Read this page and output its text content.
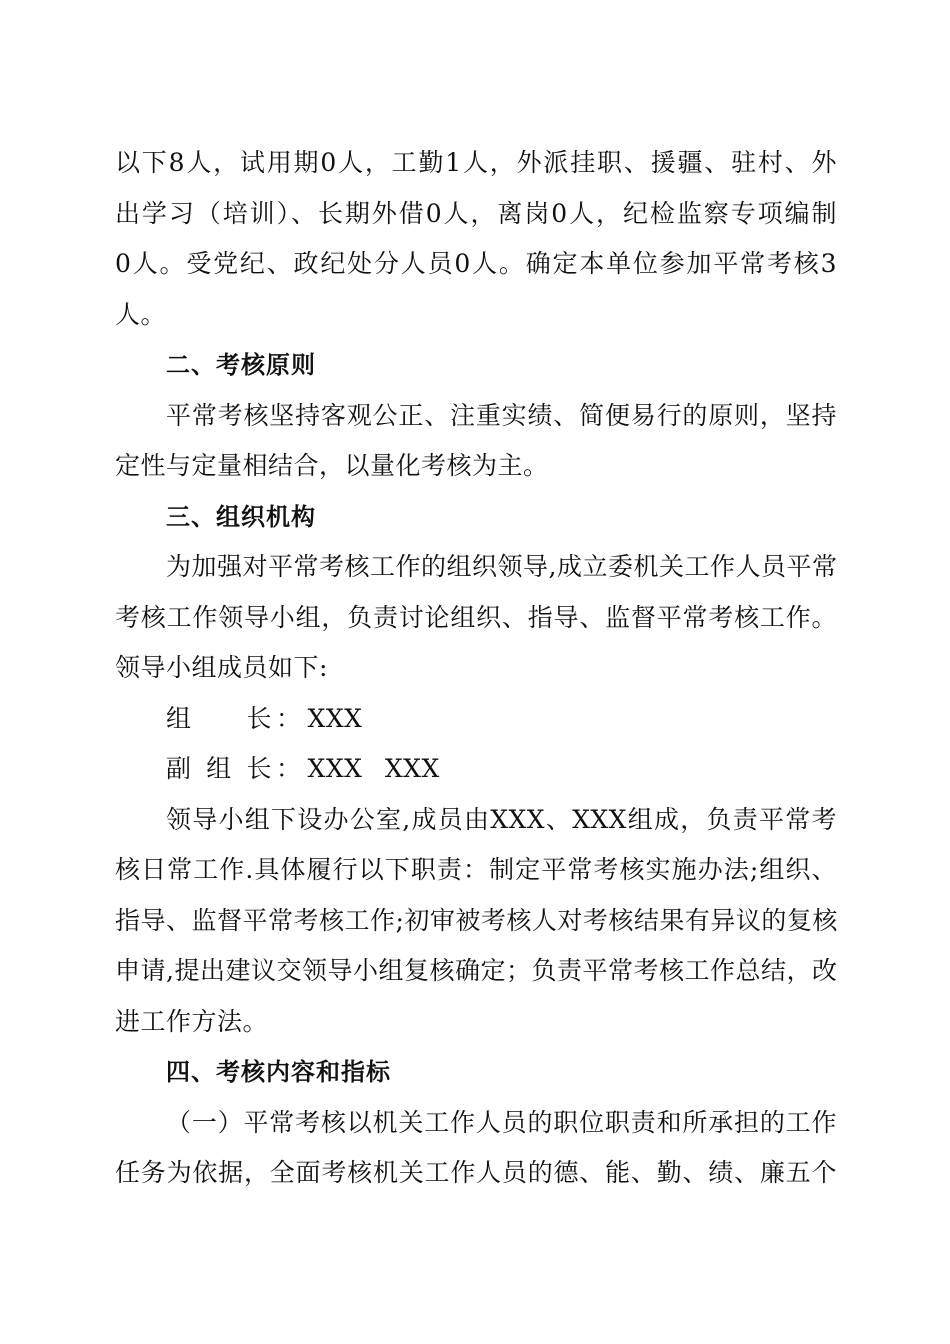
以下8人，试用期0人，工勤1人，外派挂职、援疆、驻村、外
出学习（培训）、长期外借0人，离岗0人，纪检监察专项编制
0人。受党纪、政纪处分人员0人。确定本单位参加平常考核3
人。
二、考核原则
平常考核坚持客观公正、注重实绩、简便易行的原则，坚持
定性与定量相结合，以量化考核为主。
三、组织机构
为加强对平常考核工作的组织领导,成立委机关工作人员平常
考核工作领导小组，负责讨论组织、指导、监督平常考核工作。
领导小组成员如下:
组 长 ： XXX
副 组 长 ： XXX XXX
领导小组下设办公室,成员由XXX、XXX组成，负责平常考
核日常工作.具体履行以下职责：制定平常考核实施办法;组织、
指导、监督平常考核工作;初审被考核人对考核结果有异议的复核
申请,提出建议交领导小组复核确定；负责平常考核工作总结，改
进工作方法。
四、考核内容和指标
（一）平常考核以机关工作人员的职位职责和所承担的工作
任务为依据，全面考核机关工作人员的德、能、勤、绩、廉五个
